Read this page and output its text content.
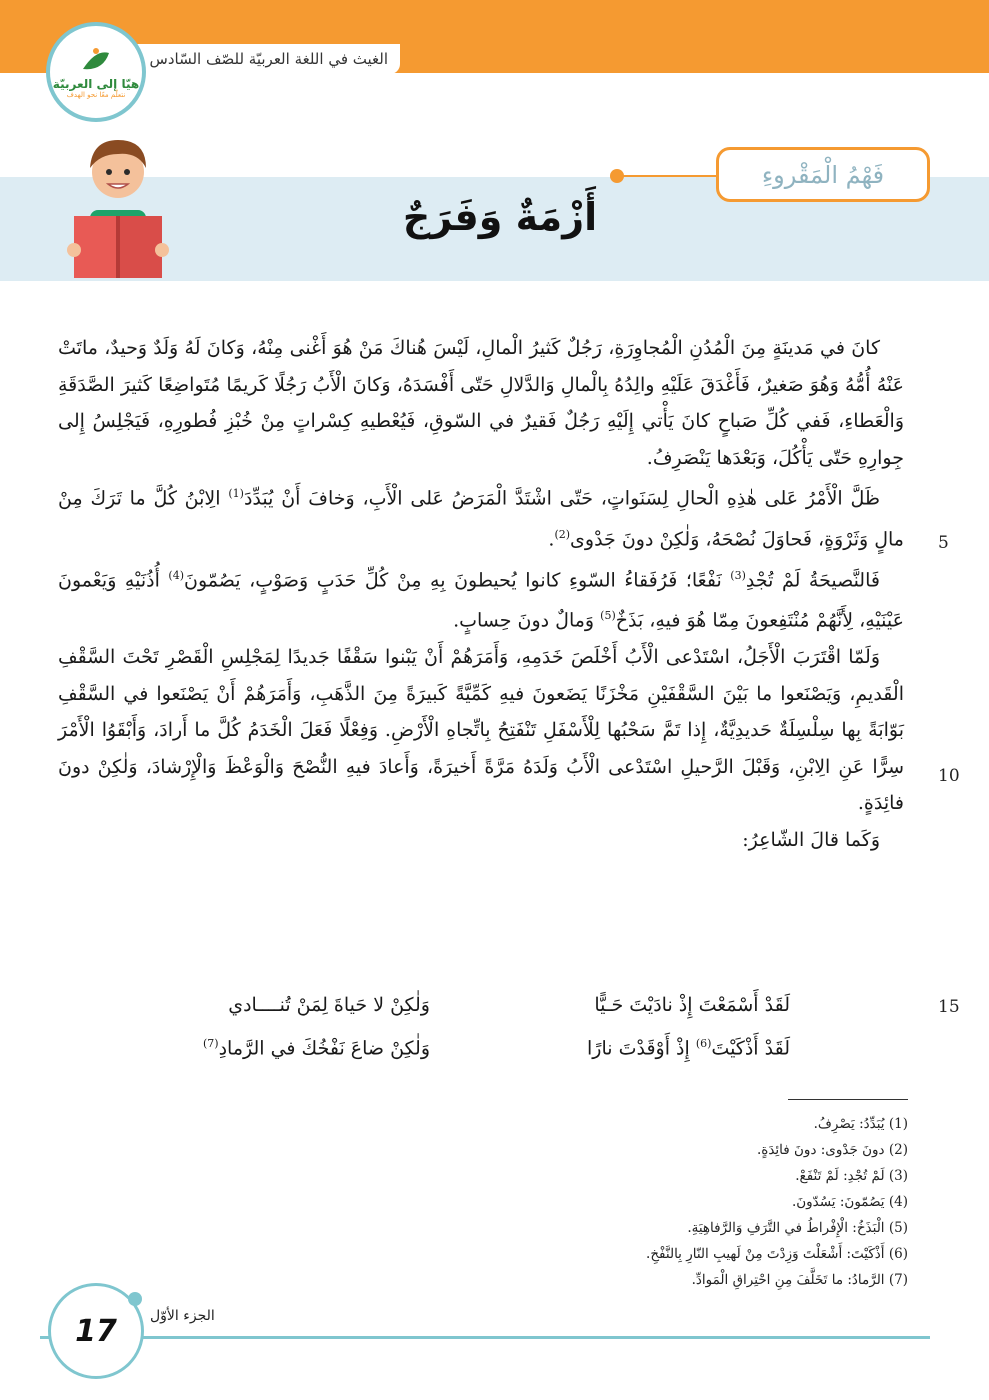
الغيث في اللغة العربيّة للصّف السّادس
هيّا إلى العربيّة
نتعلّم معًا نحو الهدف
فَهْمُ الْمَقْروءِ
أَزْمَةٌ وَفَرَجٌ

كانَ في مَدينَةٍ مِنَ الْمُدُنِ الْمُجاوِرَةِ، رَجُلٌ كَثيرُ الْمالِ، لَيْسَ هُناكَ مَنْ هُوَ أَغْنى مِنْهُ، وَكانَ لَهُ وَلَدٌ وَحيدٌ، ماتَتْ عَنْهُ أُمُّهُ وَهُوَ صَغيرٌ، فَأَغْدَقَ عَلَيْهِ والِدُهُ بِالْمالِ وَالدَّلالِ حَتّى أَفْسَدَهُ، وَكانَ الْأَبُ رَجُلًا كَريمًا مُتَواضِعًا كَثيرَ الصَّدَقَةِ وَالْعَطاءِ، فَفي كُلِّ صَباحٍ كانَ يَأْتي إِلَيْهِ رَجُلٌ فَقيرٌ في السّوقِ، فَيُعْطيهِ كِسْراتٍ مِنْ خُبْزِ فُطورِهِ، فَيَجْلِسُ إِلى جِوارِهِ حَتّى يَأْكُلَ، وَبَعْدَها يَنْصَرِفُ.

ظَلَّ الْأَمْرُ عَلى هٰذِهِ الْحالِ لِسَنَواتٍ، حَتّى اشْتَدَّ الْمَرَضُ عَلى الْأَبِ، وَخافَ أَنْ يُبَدِّدَ$^{(1)}$ الِابْنُ كُلَّ ما تَرَكَ مِنْ مالٍ وَثَرْوَةٍ، فَحاوَلَ نُصْحَهُ، وَلٰكِنْ دونَ جَدْوى$^{(2)}$.

فَالنَّصيحَةُ لَمْ تُجْدِ$^{(3)}$ نَفْعًا؛ فَرُفَقاءُ السّوءِ كانوا يُحيطونَ بِهِ مِنْ كُلِّ حَدَبٍ وَصَوْبٍ، يَصُمّونَ$^{(4)}$ أُذُنَيْهِ وَيَعْمونَ عَيْنَيْهِ، لِأَنَّهُمْ مُنْتَفِعونَ مِمّا هُوَ فيهِ، بَذَخٌ$^{(5)}$ وَمالٌ دونَ حِسابٍ.

وَلَمّا اقْتَرَبَ الْأَجَلُ، اسْتَدْعى الْأَبُ أَخْلَصَ خَدَمِهِ، وَأَمَرَهُمْ أَنْ يَبْنوا سَقْفًا جَديدًا لِمَجْلِسِ الْقَصْرِ تَحْتَ السَّقْفِ الْقَديمِ، وَيَصْنَعوا ما بَيْنَ السَّقْفَيْنِ مَخْزَنًا يَضَعونَ فيهِ كَمِّيَّةً كَبيرَةً مِنَ الذَّهَبِ، وَأَمَرَهُمْ أَنْ يَصْنَعوا في السَّقْفِ بَوّابَةً بِها سِلْسِلَةٌ حَديدِيَّةٌ، إِذا تَمَّ سَحْبُها لِلْأَسْفَلِ تَنْفَتِحُ بِاتِّجاهِ الْأَرْضِ. وَفِعْلًا فَعَلَ الْخَدَمُ كُلَّ ما أَرادَ، وَأَبْقَوُا الْأَمْرَ سِرًّا عَنِ الِابْنِ، وَقَبْلَ الرَّحيلِ اسْتَدْعى الْأَبُ وَلَدَهُ مَرَّةً أَخيرَةً، وَأَعادَ فيهِ النُّصْحَ وَالْوَعْظَ وَالْإِرْشادَ، وَلٰكِنْ دونَ فائِدَةٍ.

وَكَما قالَ الشّاعِرُ:

5
10
15
لَقَدْ أَسْمَعْتَ إِذْ نادَيْتَ حَـيًّا
وَلٰكِنْ لا حَياةَ لِمَنْ تُنــــادي
لَقَدْ أَذْكَيْتَ$^{(6)}$ إِذْ أَوْقَدْتَ نارًا
وَلٰكِنْ ضاعَ نَفْخُكَ في الرَّمادِ$^{(7)}$
(1) يُبَدِّدُ: يَصْرِفُ.
(2) دونَ جَدْوى: دونَ فائِدَةٍ.
(3) لَمْ تُجْدِ: لَمْ تَنْفَعْ.
(4) يَصُمّونَ: يَسُدّونَ.
(5) الْبَذَخُ: الْإِفْراطُ في التَّرَفِ وَالرَّفاهِيَةِ.
(6) أَذْكَيْتَ: أَشْعَلْتَ وَزِدْتَ مِنْ لَهيبِ النّارِ بِالنَّفْخِ.
(7) الرَّمادُ: ما تَخَلَّفَ مِنِ احْتِراقِ الْمَوادِّ.
17 الجزء الأوّل
